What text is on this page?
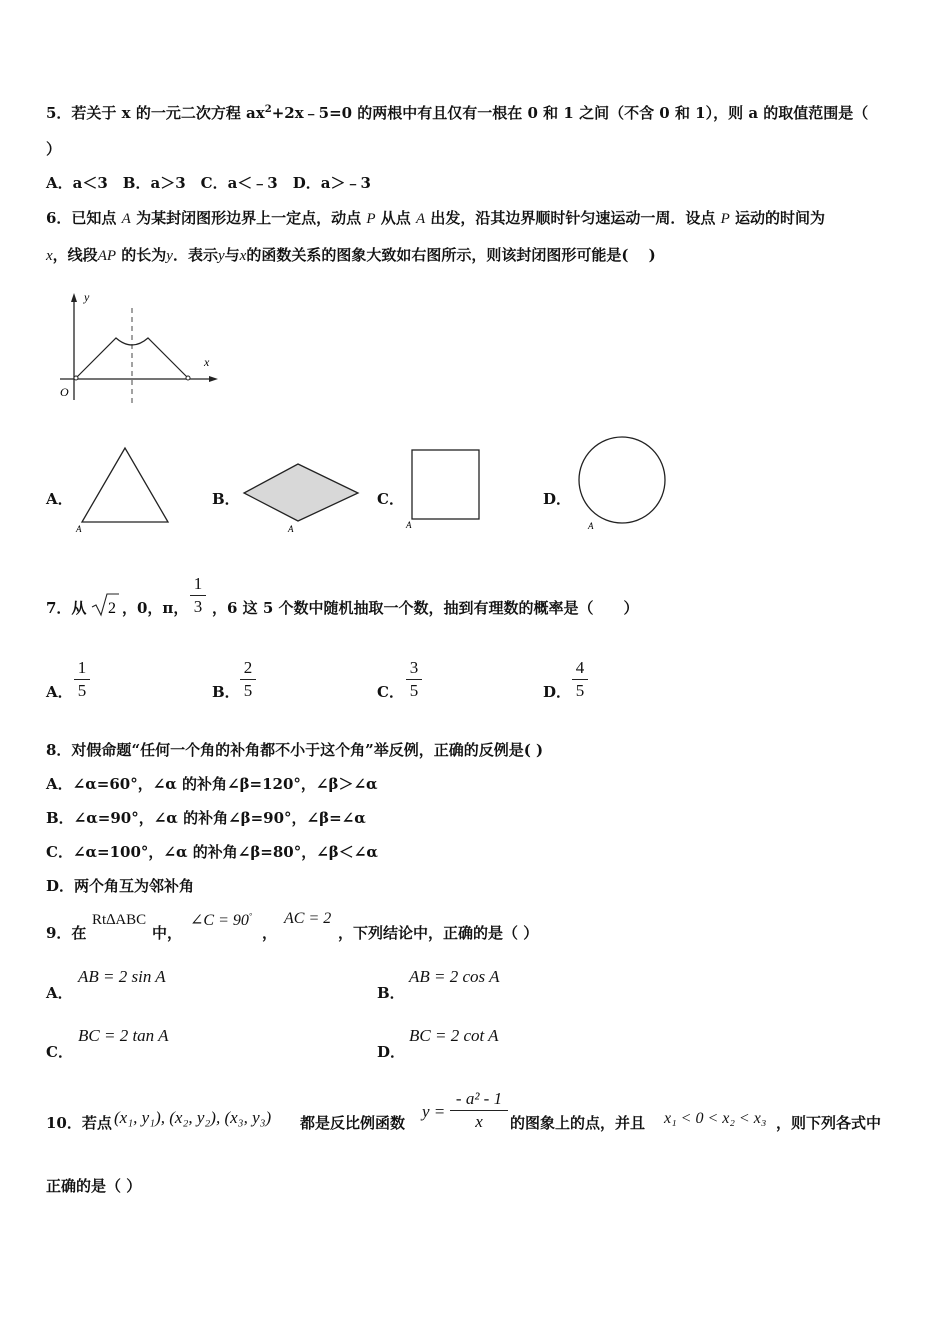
5．若关于 x 的一元二次方程 $ax^2+2x﹣5=0$ 的两根中有且仅有一根在 0 和 1 之间（不含 0 和 1），则 a 的取值范围是（
）
A．a＜3　B．a＞3　C．a＜﹣3　D．a＞﹣3
6．已知点 A 为某封闭图形边界上一定点，动点 P 从点 A 出发，沿其边界顺时针匀速运动一周．设点 P 运动的时间为
x，线段AP 的长为y．表示y与x的函数关系的图象大致如右图所示，则该封闭图形可能是(　 )
y
x
O
A．
A
B．
A
C．
A
D．
A
7．从 2 ，0，π，
1
3 ，6 这 5 个数中随机抽取一个数，抽到有理数的概率是（　　）
A．
1
5	B．
2
5	C．
3
5	D．
4
5
8．对假命题“任何一个角的补角都不小于这个角”举反例，正确的反例是( )
A．∠α=60°，∠α 的补角∠β=120°，∠β＞∠α
B．∠α=90°，∠α 的补角∠β=90°，∠β=∠α
C．∠α=100°，∠α 的补角∠β=80°，∠β＜∠α
D．两个角互为邻补角
9．在
Rt∆ABC
中，
∠C = 90°
，
AC = 2
，下列结论中，正确的是（ ）
A．
AB = 2 sin A
B．
AB = 2 cos A
C．
BC = 2 tan A
D．
BC = 2 cot A
10．若点 (x₁, y₁), (x₂, y₂), (x₃, y₃) 都是反比例函数
y =
- a² - 1
x	的图象上的点，并且 x₁ < 0 < x₂ < x₃ ，则下列各式中
正确的是（ ）
